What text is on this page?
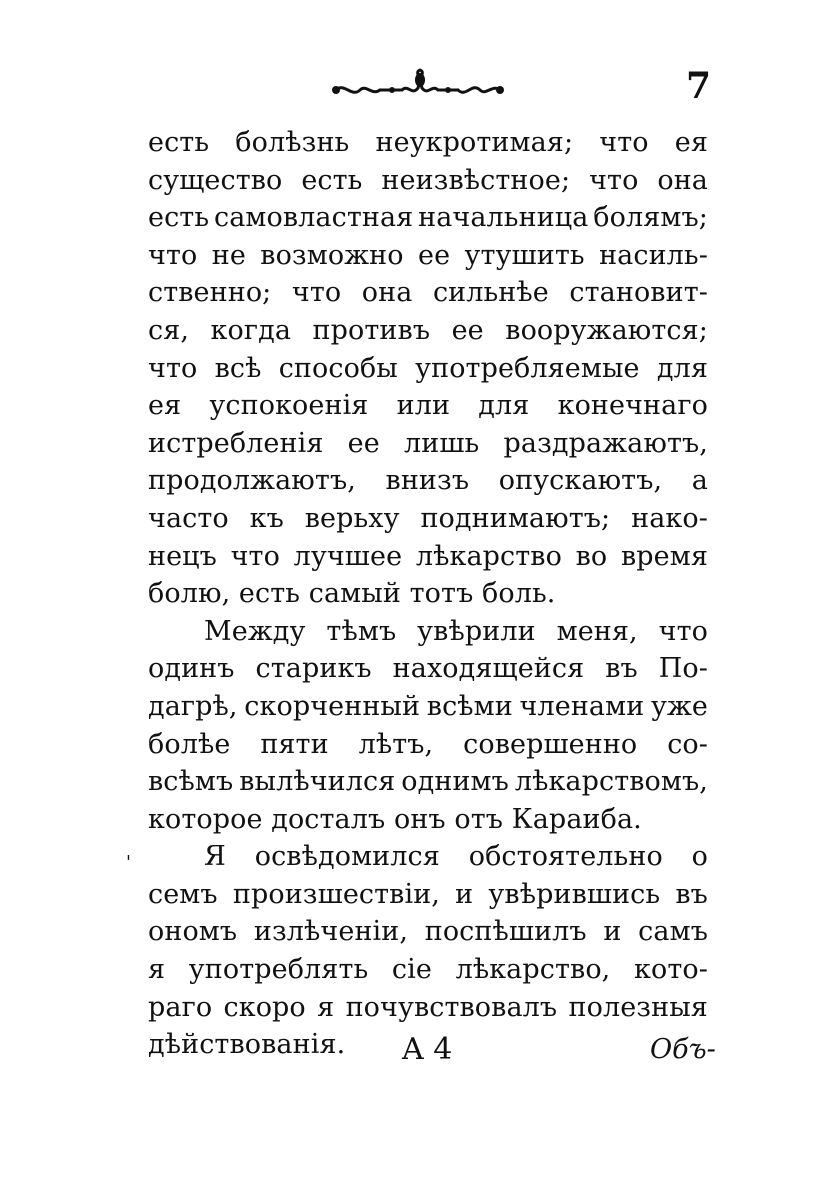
7
есть болѣзнь неукротимая; что ея
существо есть неизвѣстное; что она
есть самовластная начальница болямъ;
что не возможно ее утушить насиль-
ственно; что она сильнѣе становит-
ся, когда противъ ее вооружаются;
что всѣ способы употребляемые для
ея успокоенія или для конечнаго
истребленія ее лишь раздражаютъ,
продолжаютъ, внизъ опускаютъ, а
часто къ верьху поднимаютъ; нако-
нецъ что лучшее лѣкарство во время
болю, есть самый тотъ боль.
Между тѣмъ увѣрили меня, что
одинъ старикъ находящейся въ По-
дагрѣ, скорченный всѣми членами уже
болѣе пяти лѣтъ, совершенно со-
всѣмъ вылѣчился однимъ лѣкарствомъ,
которое досталъ онъ отъ Караиба.
Я освѣдомился обстоятельно о
семъ произшествіи, и увѣрившись въ
ономъ излѣченіи, поспѣшилъ и самъ
я употреблять сіе лѣкарство, кото-
раго скоро я почувствовалъ полезныя
дѣйствованія.
'
A 4	Объ-
